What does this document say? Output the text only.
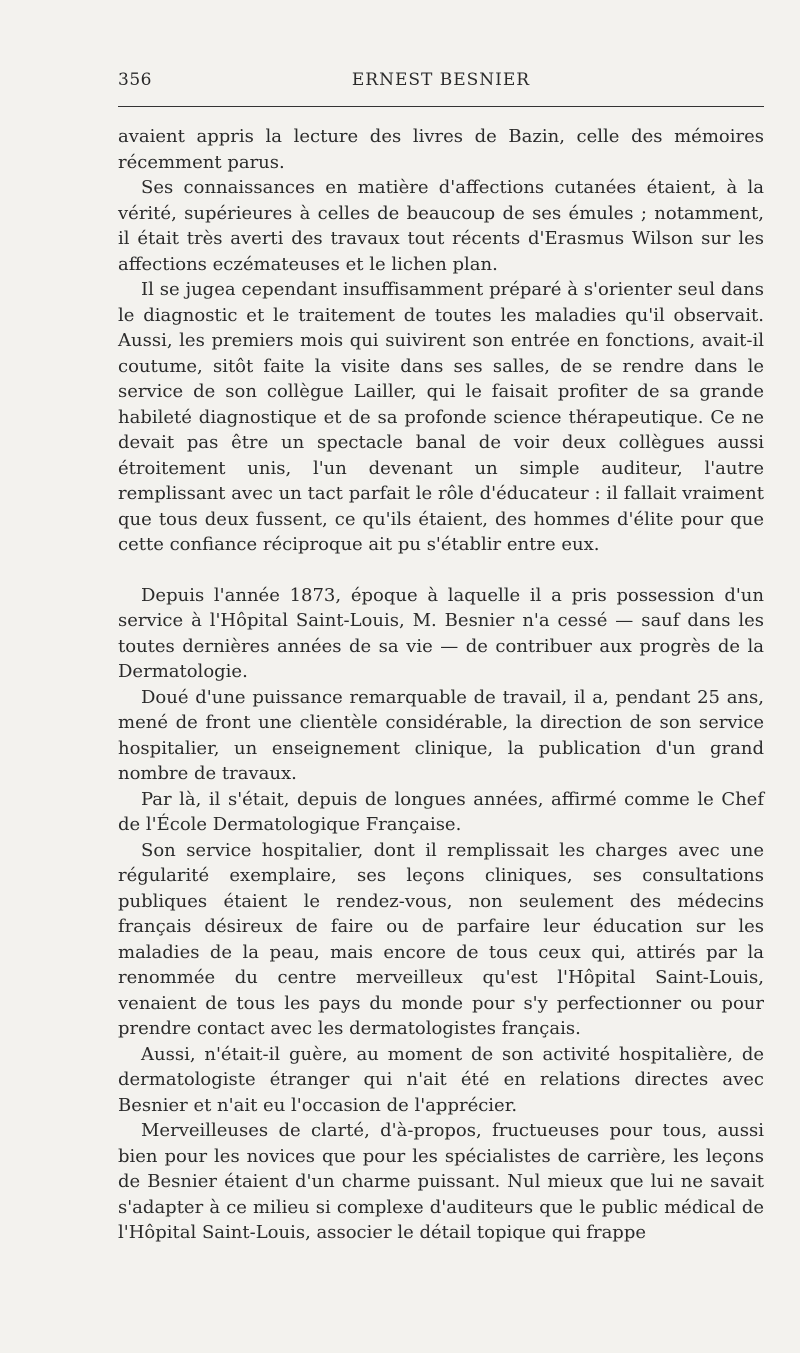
356	ERNEST BESNIER

avaient appris la lecture des livres de Bazin, celle des mémoires récemment parus.

Ses connaissances en matière d'affections cutanées étaient, à la vérité, supérieures à celles de beaucoup de ses émules ; notamment, il était très averti des travaux tout récents d'Erasmus Wilson sur les affections eczémateuses et le lichen plan.

Il se jugea cependant insuffisamment préparé à s'orienter seul dans le diagnostic et le traitement de toutes les maladies qu'il observait. Aussi, les premiers mois qui suivirent son entrée en fonctions, avait-il coutume, sitôt faite la visite dans ses salles, de se rendre dans le service de son collègue Lailler, qui le faisait profiter de sa grande habileté diagnostique et de sa profonde science thérapeutique. Ce ne devait pas être un spectacle banal de voir deux collègues aussi étroitement unis, l'un devenant un simple auditeur, l'autre remplissant avec un tact parfait le rôle d'éducateur : il fallait vraiment que tous deux fussent, ce qu'ils étaient, des hommes d'élite pour que cette confiance réciproque ait pu s'établir entre eux.

Depuis l'année 1873, époque à laquelle il a pris possession d'un service à l'Hôpital Saint-Louis, M. Besnier n'a cessé — sauf dans les toutes dernières années de sa vie — de contribuer aux progrès de la Dermatologie.

Doué d'une puissance remarquable de travail, il a, pendant 25 ans, mené de front une clientèle considérable, la direction de son service hospitalier, un enseignement clinique, la publication d'un grand nombre de travaux.

Par là, il s'était, depuis de longues années, affirmé comme le Chef de l'École Dermatologique Française.

Son service hospitalier, dont il remplissait les charges avec une régularité exemplaire, ses leçons cliniques, ses consultations publiques étaient le rendez-vous, non seulement des médecins français désireux de faire ou de parfaire leur éducation sur les maladies de la peau, mais encore de tous ceux qui, attirés par la renommée du centre merveilleux qu'est l'Hôpital Saint-Louis, venaient de tous les pays du monde pour s'y perfectionner ou pour prendre contact avec les dermatologistes français.

Aussi, n'était-il guère, au moment de son activité hospitalière, de dermatologiste étranger qui n'ait été en relations directes avec Besnier et n'ait eu l'occasion de l'apprécier.

Merveilleuses de clarté, d'à-propos, fructueuses pour tous, aussi bien pour les novices que pour les spécialistes de carrière, les leçons de Besnier étaient d'un charme puissant. Nul mieux que lui ne savait s'adapter à ce milieu si complexe d'auditeurs que le public médical de l'Hôpital Saint-Louis, associer le détail topique qui frappe
